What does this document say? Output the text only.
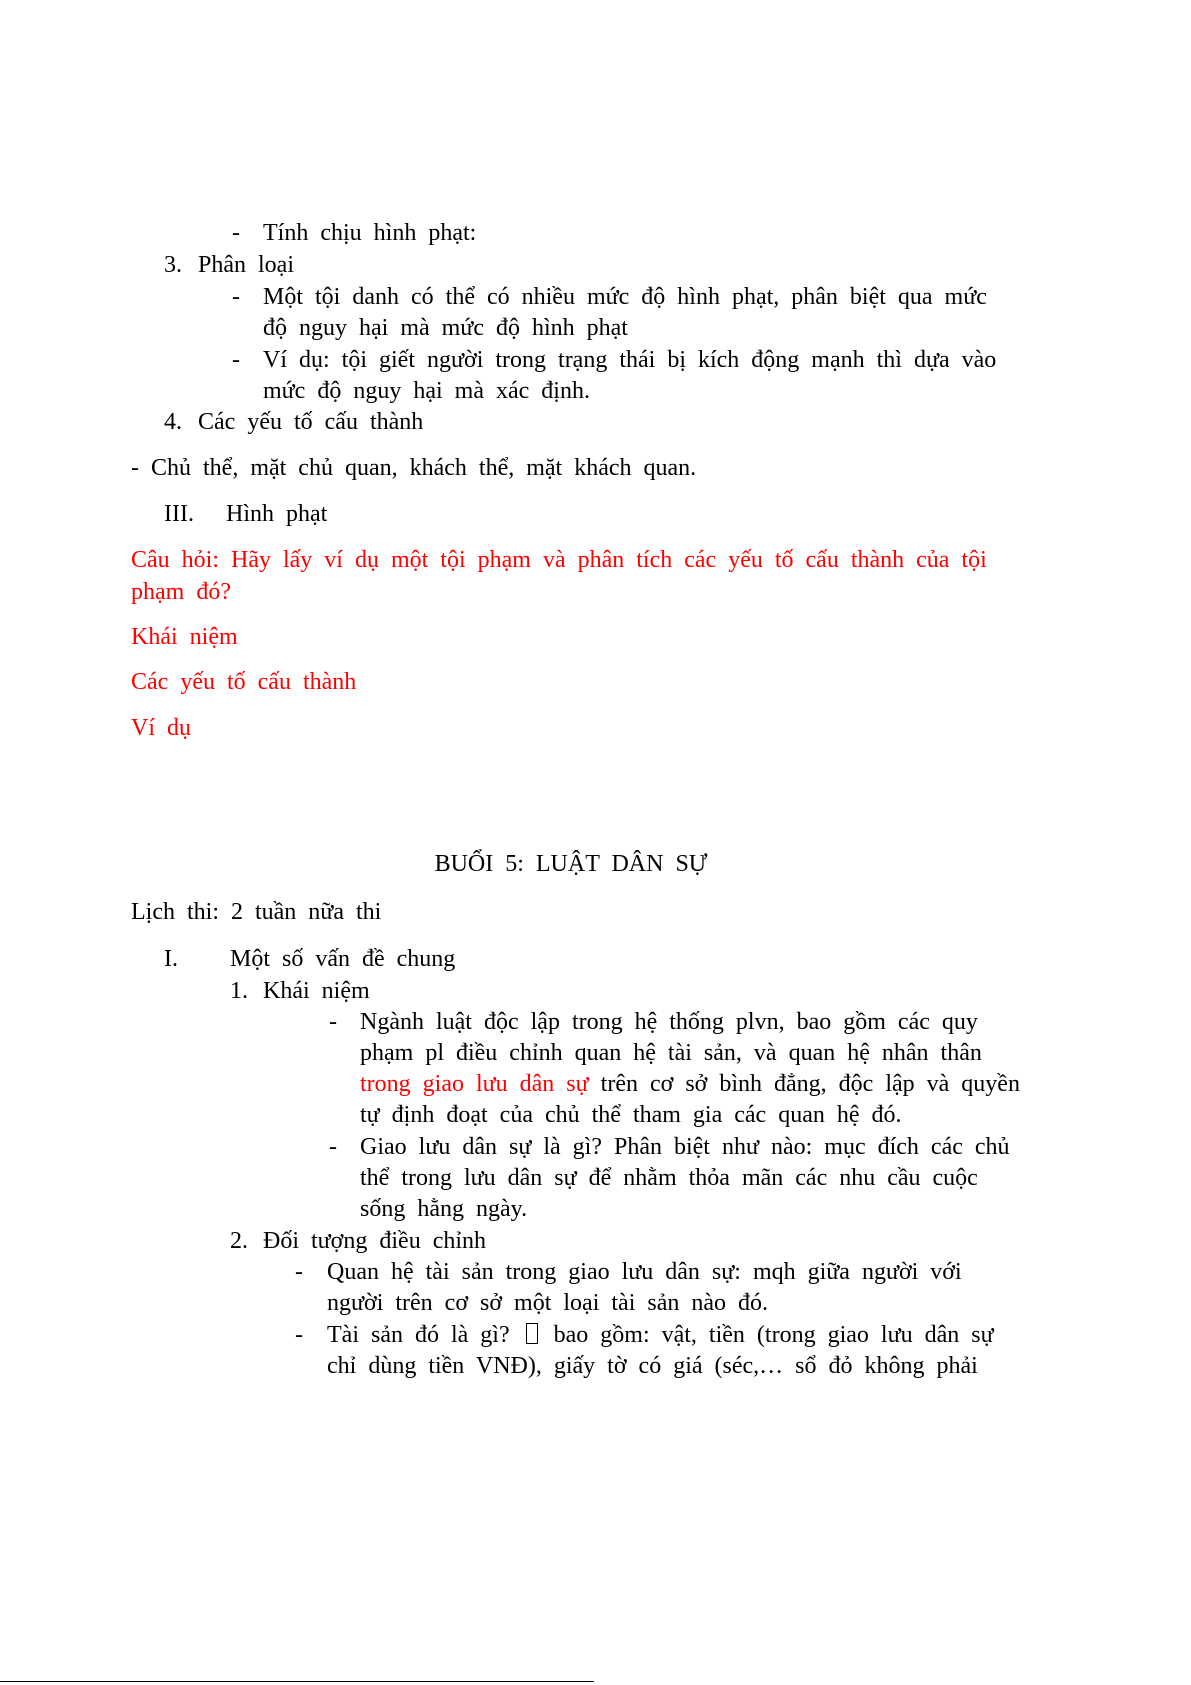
- Tính chịu hình phạt:
3. Phân loại
- Một tội danh có thể có nhiều mức độ hình phạt, phân biệt qua mức
độ nguy hại mà mức độ hình phạt
- Ví dụ: tội giết người trong trạng thái bị kích động mạnh thì dựa vào
mức độ nguy hại mà xác định.
4. Các yếu tố cấu thành
- Chủ thể, mặt chủ quan, khách thể, mặt khách quan.
III. Hình phạt
Câu hỏi: Hãy lấy ví dụ một tội phạm và phân tích các yếu tố cấu thành của tội
phạm đó?
Khái niệm
Các yếu tố cấu thành
Ví dụ
BUỔI 5: LUẬT DÂN SỰ
Lịch thi: 2 tuần nữa thi
I. Một số vấn đề chung
1. Khái niệm
- Ngành luật độc lập trong hệ thống plvn, bao gồm các quy
phạm pl điều chỉnh quan hệ tài sản, và quan hệ nhân thân
trong giao lưu dân sự trên cơ sở bình đẳng, độc lập và quyền
tự định đoạt của chủ thể tham gia các quan hệ đó.
- Giao lưu dân sự là gì? Phân biệt như nào: mục đích các chủ
thể trong lưu dân sự để nhằm thỏa mãn các nhu cầu cuộc
sống hằng ngày.
2. Đối tượng điều chỉnh
- Quan hệ tài sản trong giao lưu dân sự: mqh giữa người với
người trên cơ sở một loại tài sản nào đó.
- Tài sản đó là gì? bao gồm: vật, tiền (trong giao lưu dân sự
chỉ dùng tiền VNĐ), giấy tờ có giá (séc,… sổ đỏ không phải
